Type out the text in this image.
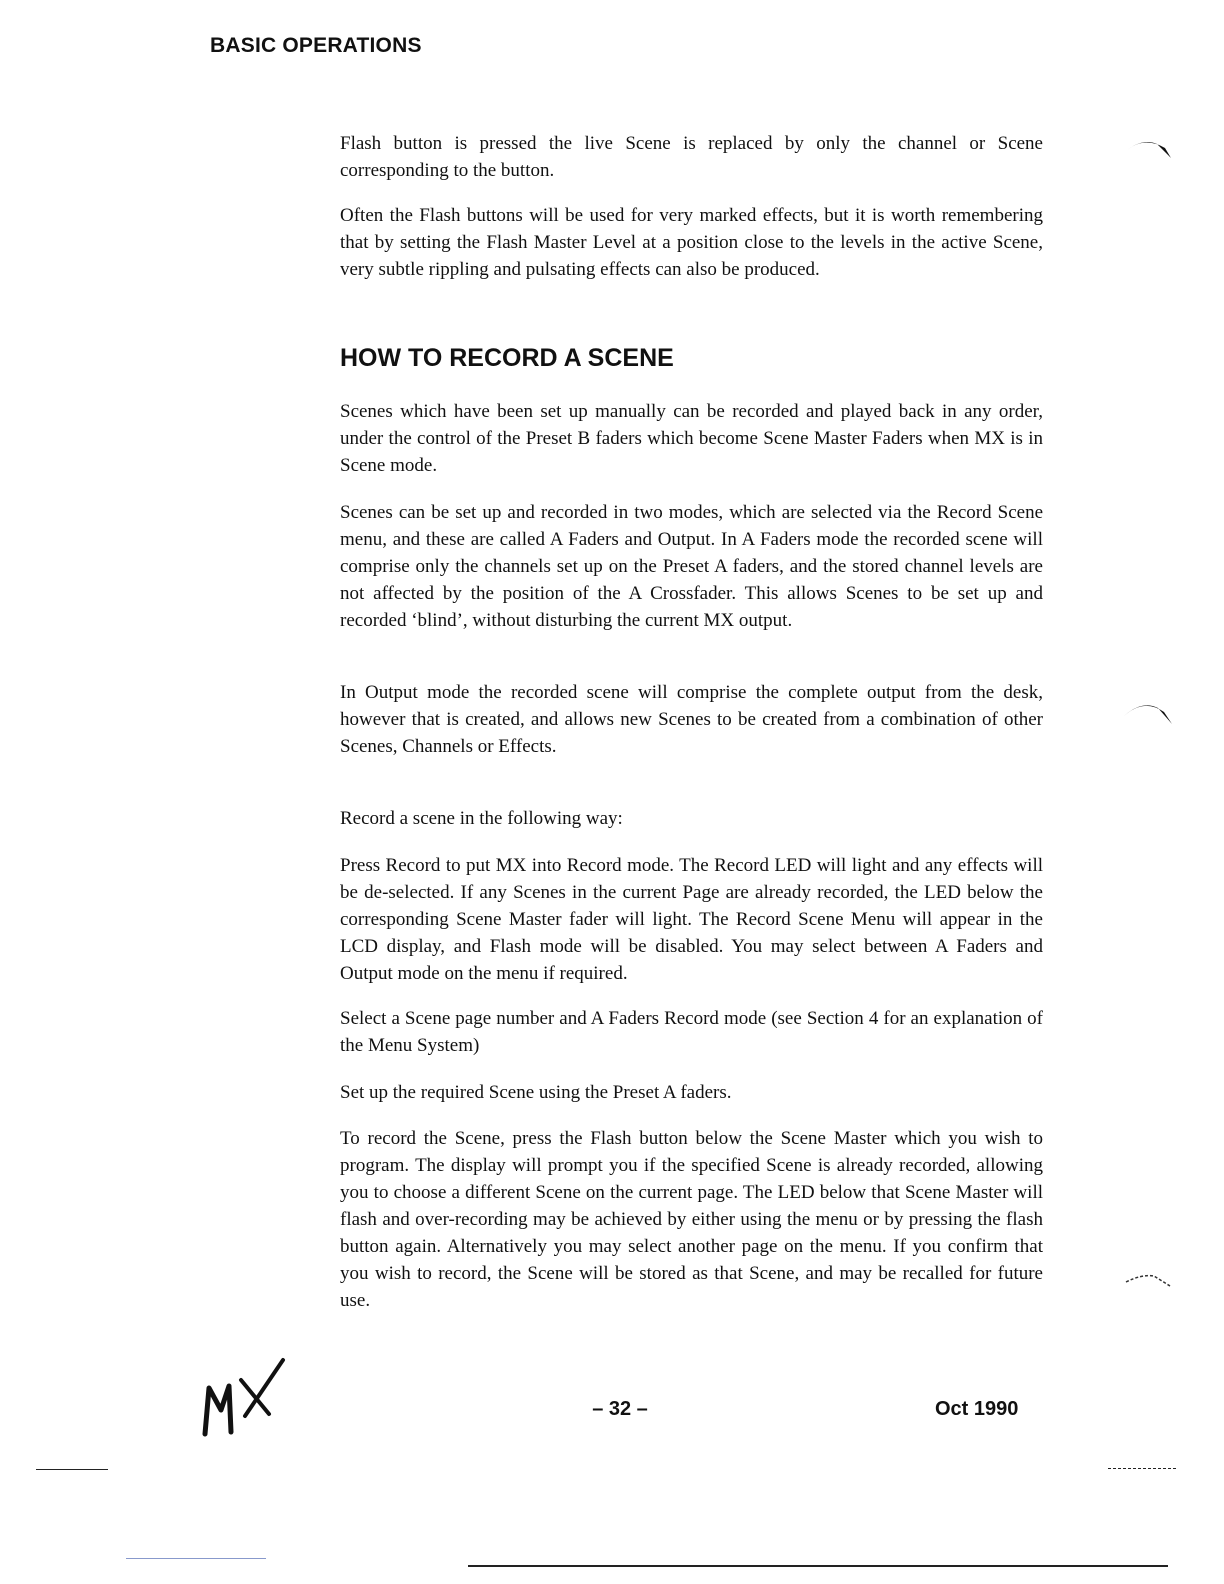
BASIC OPERATIONS

Flash button is pressed the live Scene is replaced by only the channel or Scene corresponding to the button.

Often the Flash buttons will be used for very marked effects, but it is worth remembering that by setting the Flash Master Level at a position close to the levels in the active Scene, very subtle rippling and pulsating effects can also be produced.

HOW TO RECORD A SCENE

Scenes which have been set up manually can be recorded and played back in any order, under the control of the Preset B faders which become Scene Master Faders when MX is in Scene mode.

Scenes can be set up and recorded in two modes, which are selected via the Record Scene menu, and these are called A Faders and Output. In A Faders mode the recorded scene will comprise only the channels set up on the Preset A faders, and the stored channel levels are not affected by the position of the A Crossfader. This allows Scenes to be set up and recorded ‘blind’, without disturbing the current MX output.

In Output mode the recorded scene will comprise the complete output from the desk, however that is created, and allows new Scenes to be created from a combination of other Scenes, Channels or Effects.

Record a scene in the following way:

Press Record to put MX into Record mode. The Record LED will light and any effects will be de-selected. If any Scenes in the current Page are already recorded, the LED below the corresponding Scene Master fader will light. The Record Scene Menu will appear in the LCD display, and Flash mode will be disabled. You may select between A Faders and Output mode on the menu if required.

Select a Scene page number and A Faders Record mode (see Section 4 for an explanation of the Menu System)

Set up the required Scene using the Preset A faders.

To record the Scene, press the Flash button below the Scene Master which you wish to program. The display will prompt you if the specified Scene is already recorded, allowing you to choose a different Scene on the current page. The LED below that Scene Master will flash and over-recording may be achieved by either using the menu or by pressing the flash button again. Alternatively you may select another page on the menu. If you confirm that you wish to record, the Scene will be stored as that Scene, and may be recalled for future use.

– 32 –	Oct 1990
